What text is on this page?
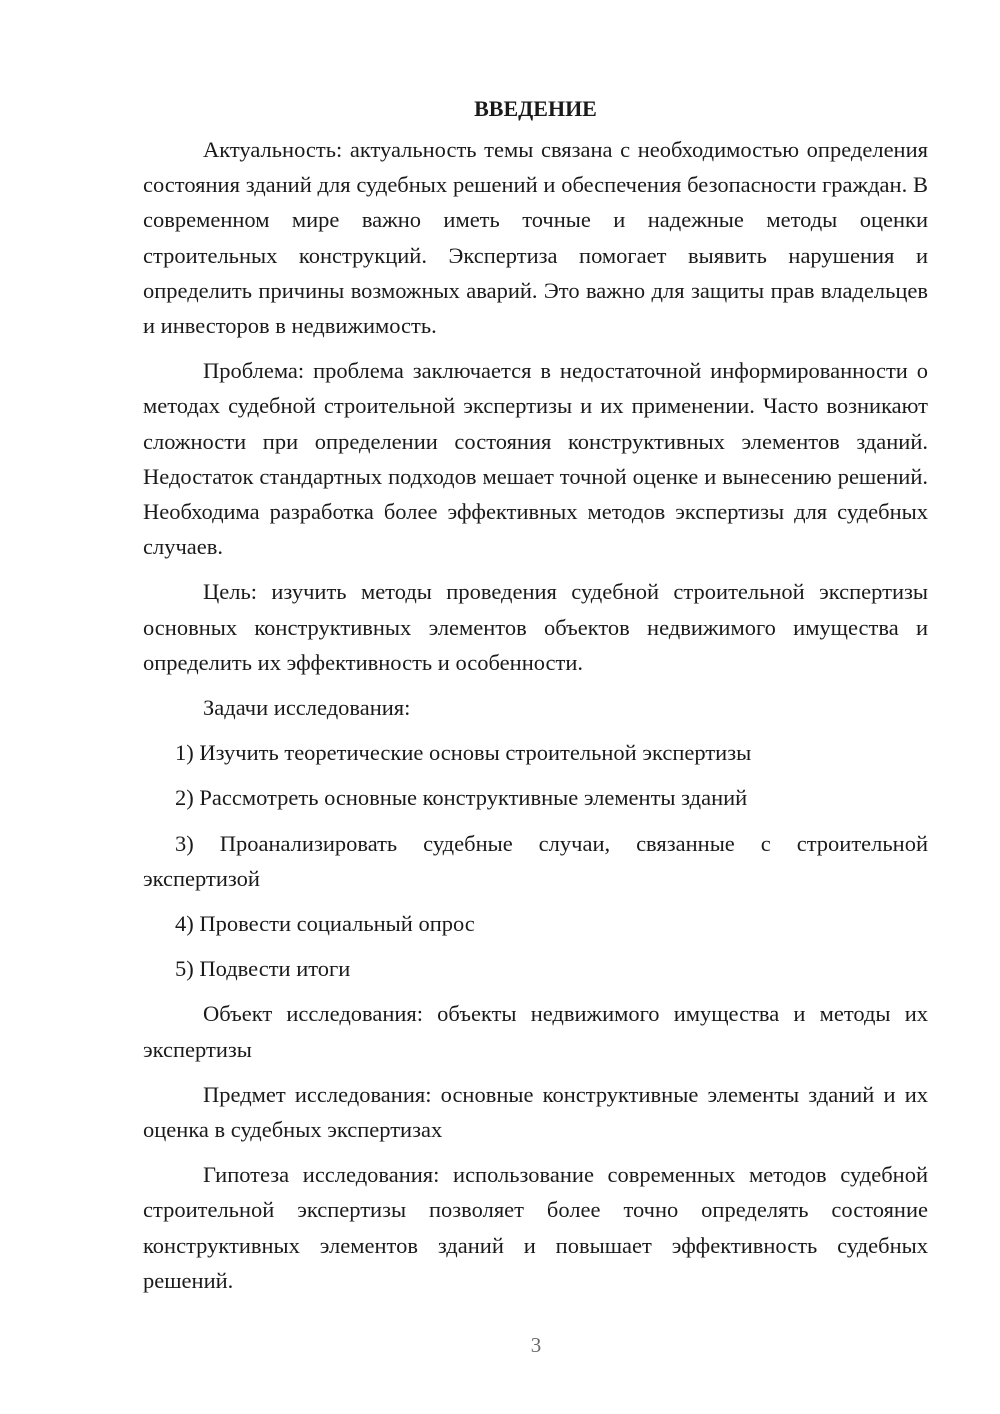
ВВЕДЕНИЕ

Актуальность: актуальность темы связана с необходимостью определения состояния зданий для судебных решений и обеспечения безопасности граждан. В современном мире важно иметь точные и надежные методы оценки строительных конструкций. Экспертиза помогает выявить нарушения и определить причины возможных аварий. Это важно для защиты прав владельцев и инвесторов в недвижимость.

Проблема: проблема заключается в недостаточной информированности о методах судебной строительной экспертизы и их применении. Часто возникают сложности при определении состояния конструктивных элементов зданий. Недостаток стандартных подходов мешает точной оценке и вынесению решений. Необходима разработка более эффективных методов экспертизы для судебных случаев.

Цель: изучить методы проведения судебной строительной экспертизы основных конструктивных элементов объектов недвижимого имущества и определить их эффективность и особенности.

Задачи исследования:

1) Изучить теоретические основы строительной экспертизы

2) Рассмотреть основные конструктивные элементы зданий

3) Проанализировать судебные случаи, связанные с строительной экспертизой

4) Провести социальный опрос

5) Подвести итоги

Объект исследования: объекты недвижимого имущества и методы их экспертизы

Предмет исследования: основные конструктивные элементы зданий и их оценка в судебных экспертизах

Гипотеза исследования: использование современных методов судебной строительной экспертизы позволяет более точно определять состояние конструктивных элементов зданий и повышает эффективность судебных решений.

3
